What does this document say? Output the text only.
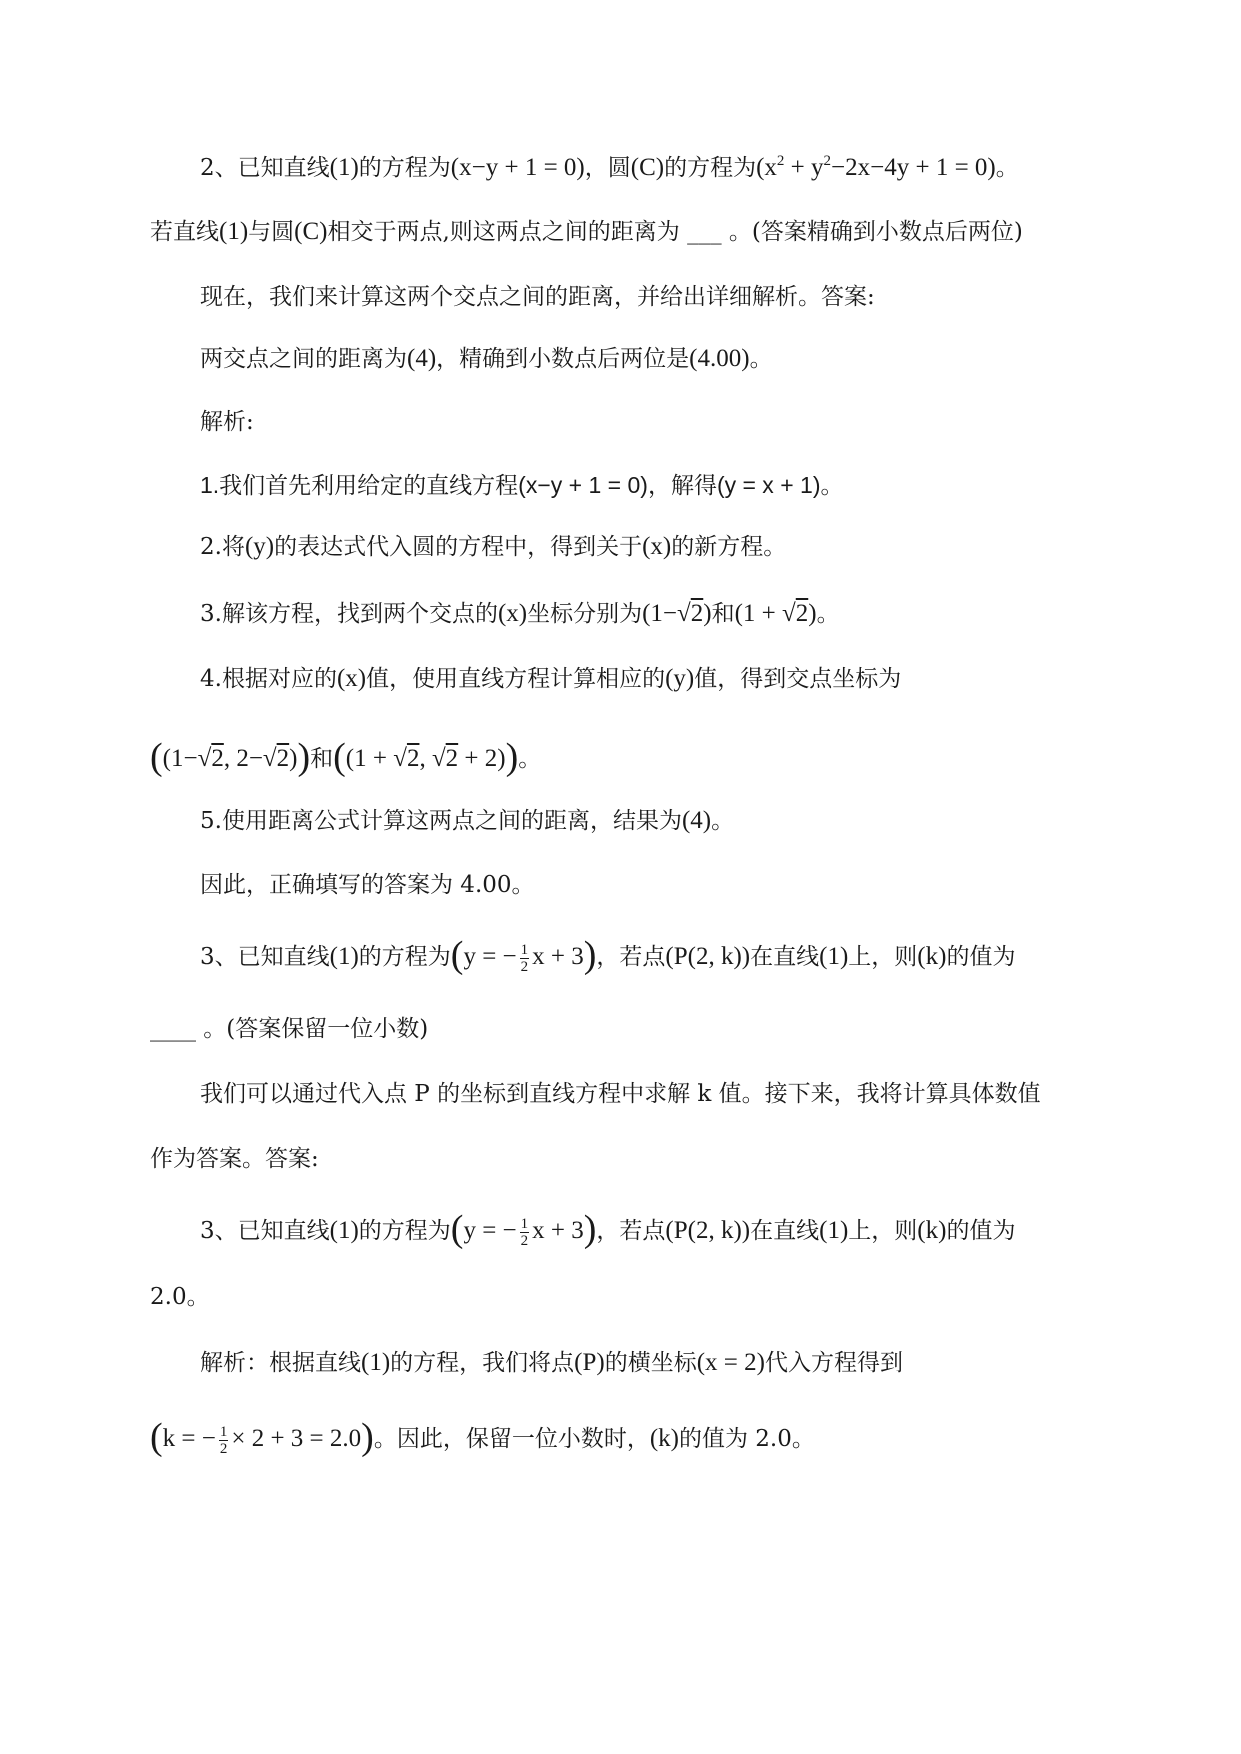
2、已知直线(1)的方程为(x−y + 1 = 0)，圆(C)的方程为$(x^2 + y^2-2x-4y + 1 = 0)$。
若直线(1)与圆(C)相交于两点,则这两点之间的距离为 ___ 。(答案精确到小数点后两位)
现在，我们来计算这两个交点之间的距离，并给出详细解析。答案:
两交点之间的距离为(4)，精确到小数点后两位是(4.00)。
解析:
1.我们首先利用给定的直线方程(x−y + 1 = 0)，解得(y = x + 1)。
2.将(y)的表达式代入圆的方程中，得到关于(x)的新方程。
3.解该方程，找到两个交点的(x)坐标分别为(1−√2)和(1 + √2)。
4.根据对应的(x)值，使用直线方程计算相应的(y)值，得到交点坐标为
((1−√2, 2−√2))和((1 + √2, √2 + 2))。
5.使用距离公式计算这两点之间的距离，结果为(4)。
因此，正确填写的答案为 4.00。
3、已知直线(1)的方程为(y = − $\frac{1}{2}$ x + 3)，若点(P(2, k))在直线(1)上，则(k)的值为
____ 。(答案保留一位小数)
我们可以通过代入点 P 的坐标到直线方程中求解 k 值。接下来，我将计算具体数值
作为答案。答案:
3、已知直线(1)的方程为(y = − $\frac{1}{2}$ x + 3)，若点(P(2, k))在直线(1)上，则(k)的值为
2.0。
解析：根据直线(1)的方程，我们将点(P)的横坐标(x = 2)代入方程得到
(k = − $\frac{1}{2} \times 2 + 3 = 2.0$)。因此，保留一位小数时，(k)的值为 2.0。
